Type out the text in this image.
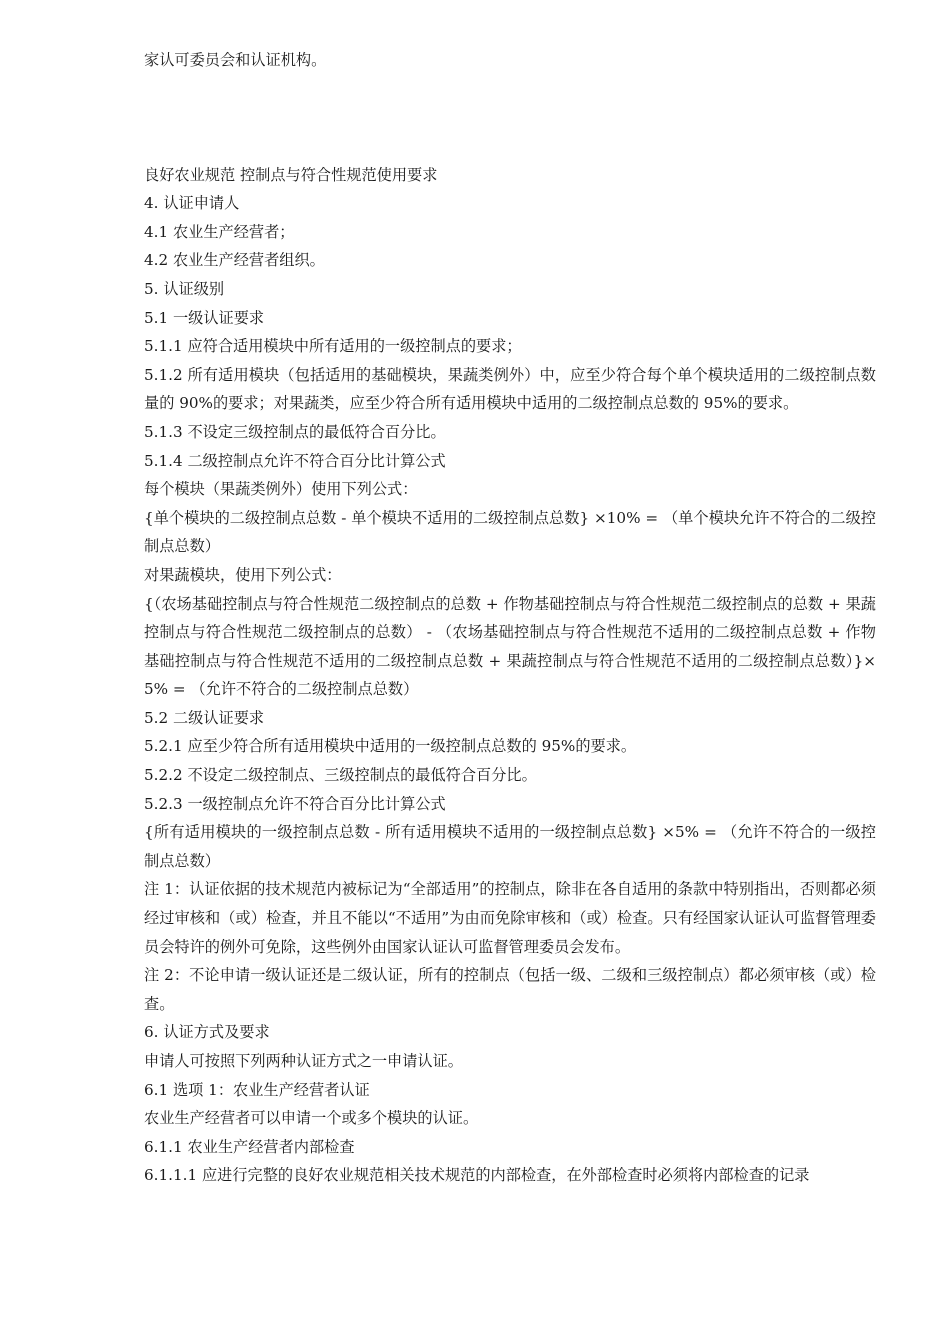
家认可委员会和认证机构。

良好农业规范 控制点与符合性规范使用要求

4. 认证申请人

4.1 农业生产经营者；

4.2 农业生产经营者组织。

5. 认证级别

5.1 一级认证要求

5.1.1 应符合适用模块中所有适用的一级控制点的要求；

5.1.2 所有适用模块（包括适用的基础模块，果蔬类例外）中，应至少符合每个单个模块适用的二级控制点数量的 90%的要求；对果蔬类，应至少符合所有适用模块中适用的二级控制点总数的 95%的要求。

5.1.3 不设定三级控制点的最低符合百分比。

5.1.4 二级控制点允许不符合百分比计算公式

每个模块（果蔬类例外）使用下列公式：

{单个模块的二级控制点总数 - 单个模块不适用的二级控制点总数} ×10% = （单个模块允许不符合的二级控制点总数）

对果蔬模块，使用下列公式：

{（农场基础控制点与符合性规范二级控制点的总数 + 作物基础控制点与符合性规范二级控制点的总数 + 果蔬控制点与符合性规范二级控制点的总数） - （农场基础控制点与符合性规范不适用的二级控制点总数 + 作物基础控制点与符合性规范不适用的二级控制点总数 + 果蔬控制点与符合性规范不适用的二级控制点总数）}×5% = （允许不符合的二级控制点总数）

5.2 二级认证要求

5.2.1 应至少符合所有适用模块中适用的一级控制点总数的 95%的要求。

5.2.2 不设定二级控制点、三级控制点的最低符合百分比。

5.2.3 一级控制点允许不符合百分比计算公式

{所有适用模块的一级控制点总数 - 所有适用模块不适用的一级控制点总数} ×5% = （允许不符合的一级控制点总数）

注 1：认证依据的技术规范内被标记为“全部适用”的控制点，除非在各自适用的条款中特别指出，否则都必须经过审核和（或）检查，并且不能以“不适用”为由而免除审核和（或）检查。只有经国家认证认可监督管理委员会特许的例外可免除，这些例外由国家认证认可监督管理委员会发布。

注 2：不论申请一级认证还是二级认证，所有的控制点（包括一级、二级和三级控制点）都必须审核（或）检查。

6. 认证方式及要求

申请人可按照下列两种认证方式之一申请认证。

6.1 选项 1：农业生产经营者认证

农业生产经营者可以申请一个或多个模块的认证。

6.1.1 农业生产经营者内部检查

6.1.1.1 应进行完整的良好农业规范相关技术规范的内部检查，在外部检查时必须将内部检查的记录
